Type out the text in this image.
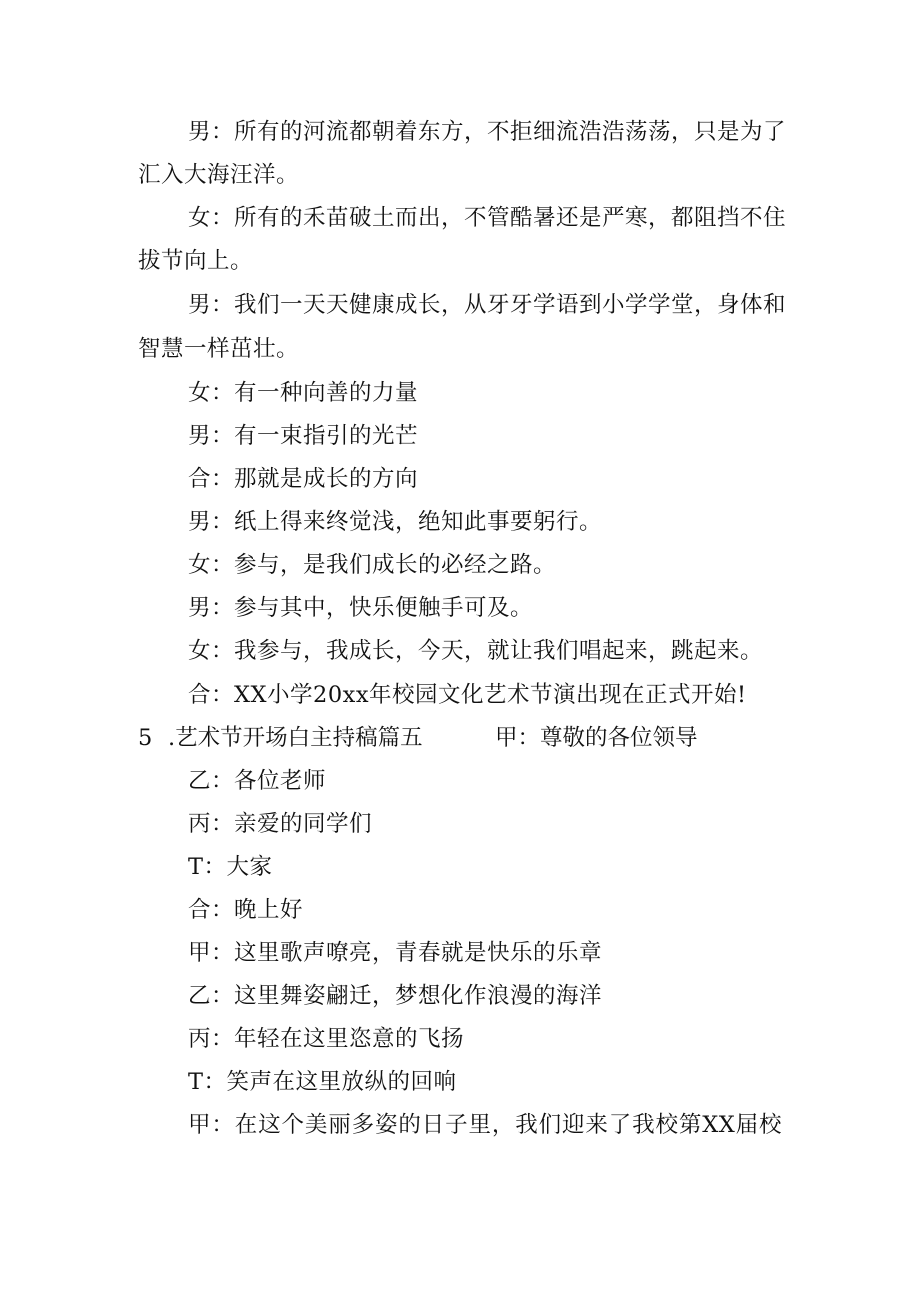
男：所有的河流都朝着东方，不拒细流浩浩荡荡，只是为了
汇入大海汪洋。
女：所有的禾苗破土而出，不管酷暑还是严寒，都阻挡不住
拔节向上。
男：我们一天天健康成长，从牙牙学语到小学学堂，身体和
智慧一样茁壮。
女：有一种向善的力量
男：有一束指引的光芒
合：那就是成长的方向
男：纸上得来终觉浅，绝知此事要躬行。
女：参与，是我们成长的必经之路。
男：参与其中，快乐便触手可及。
女：我参与，我成长，今天，就让我们唱起来，跳起来。
合：XX小学20xx年校园文化艺术节演出现在正式开始!
5 .艺术节开场白主持稿篇五	甲：尊敬的各位领导
乙：各位老师
丙：亲爱的同学们
T：大家
合：晚上好
甲：这里歌声嘹亮，青春就是快乐的乐章
乙：这里舞姿翩迁，梦想化作浪漫的海洋
丙：年轻在这里恣意的飞扬
T：笑声在这里放纵的回响
甲：在这个美丽多姿的日子里，我们迎来了我校第XX届校
